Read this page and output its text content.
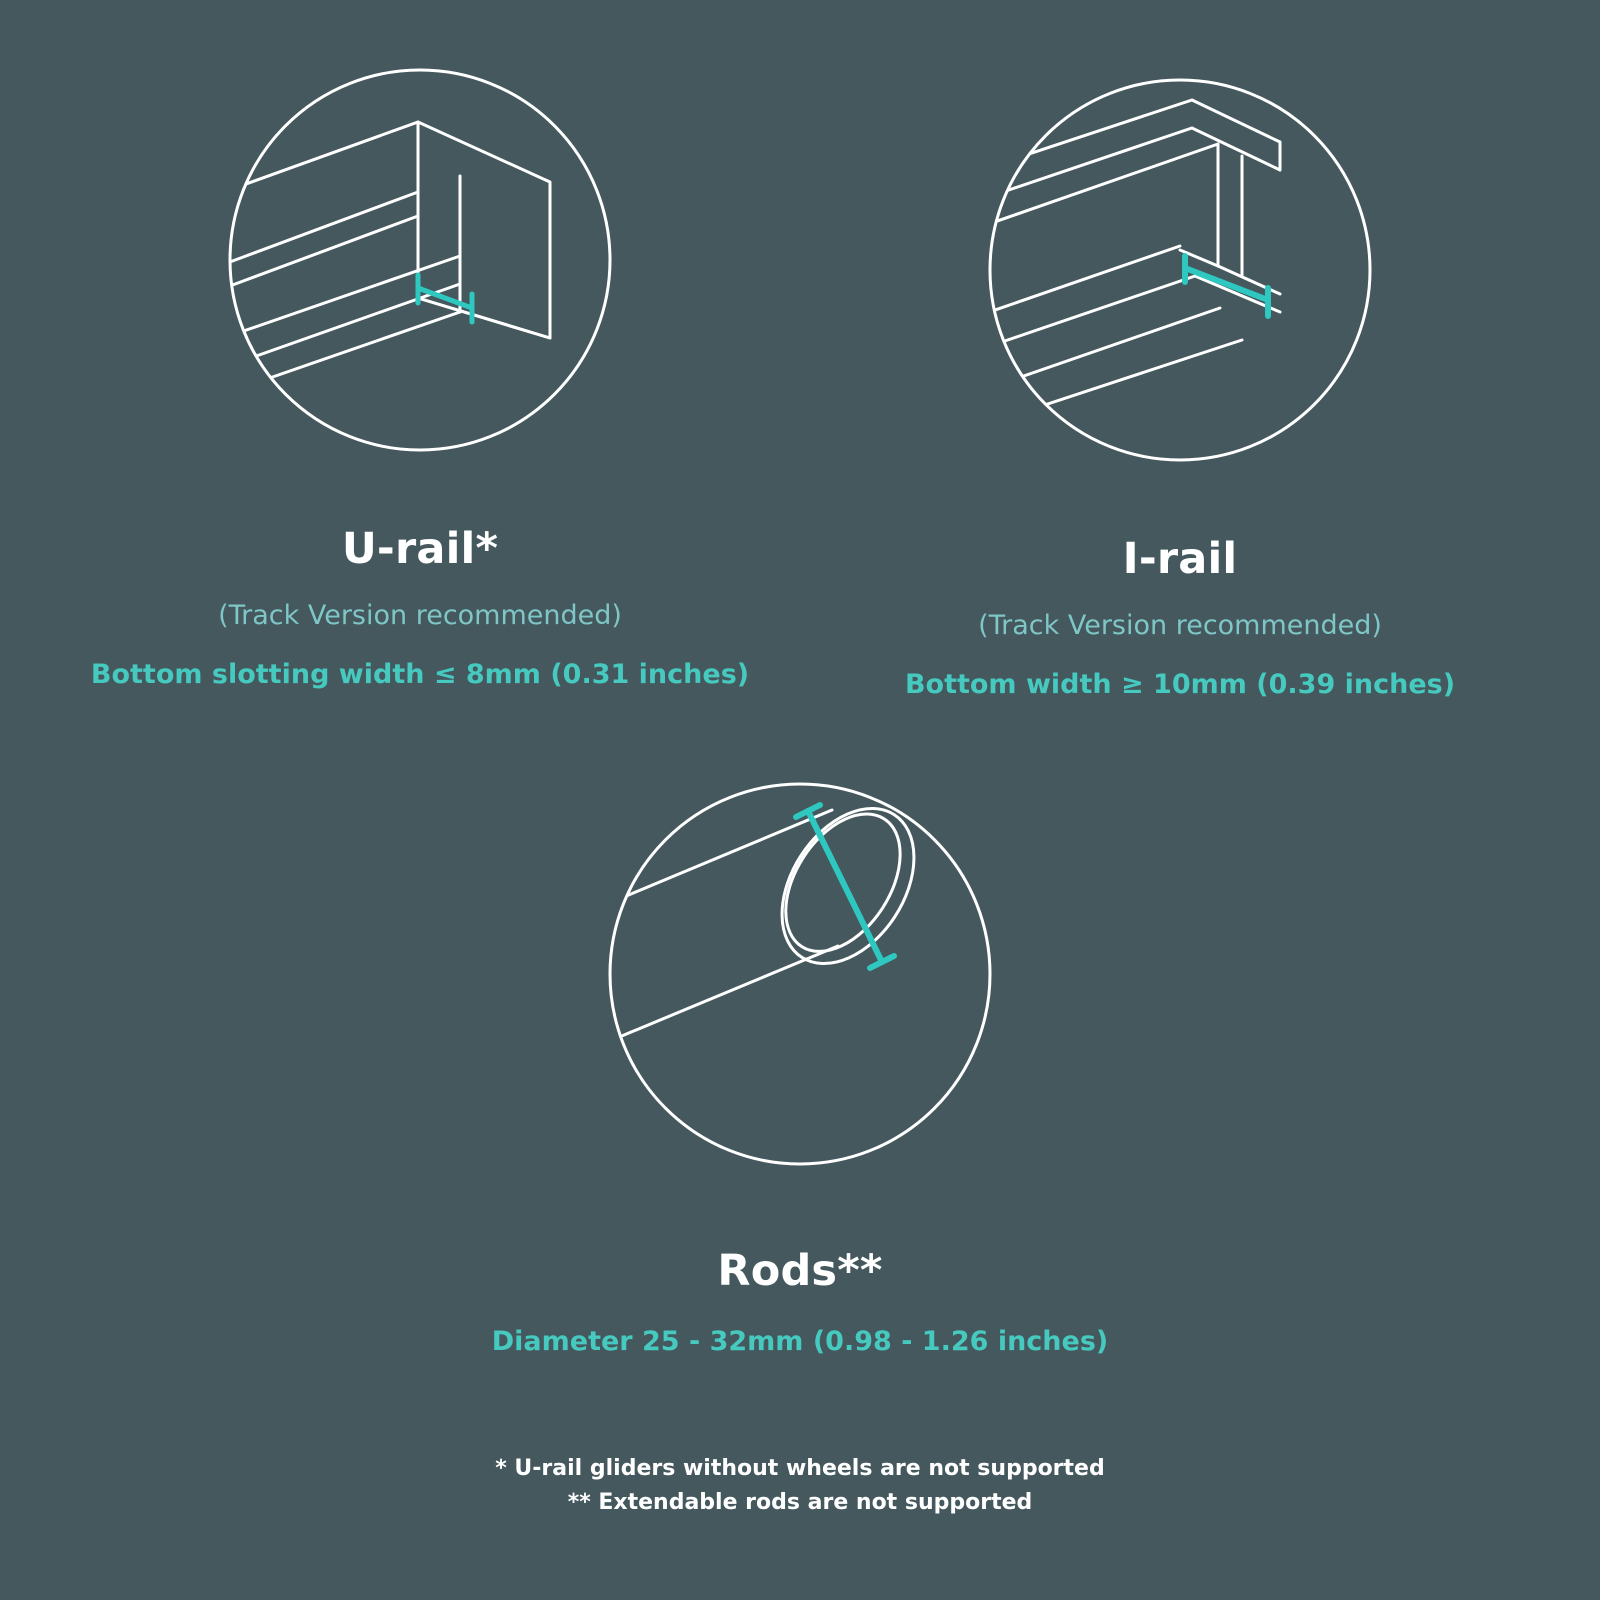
U-rail*
(Track Version recommended)
Bottom slotting width ≤ 8mm (0.31 inches)
I-rail
(Track Version recommended)
Bottom width ≥ 10mm (0.39 inches)
Rods**
Diameter 25 - 32mm (0.98 - 1.26 inches)
* U-rail gliders without wheels are not supported
** Extendable rods are not supported
